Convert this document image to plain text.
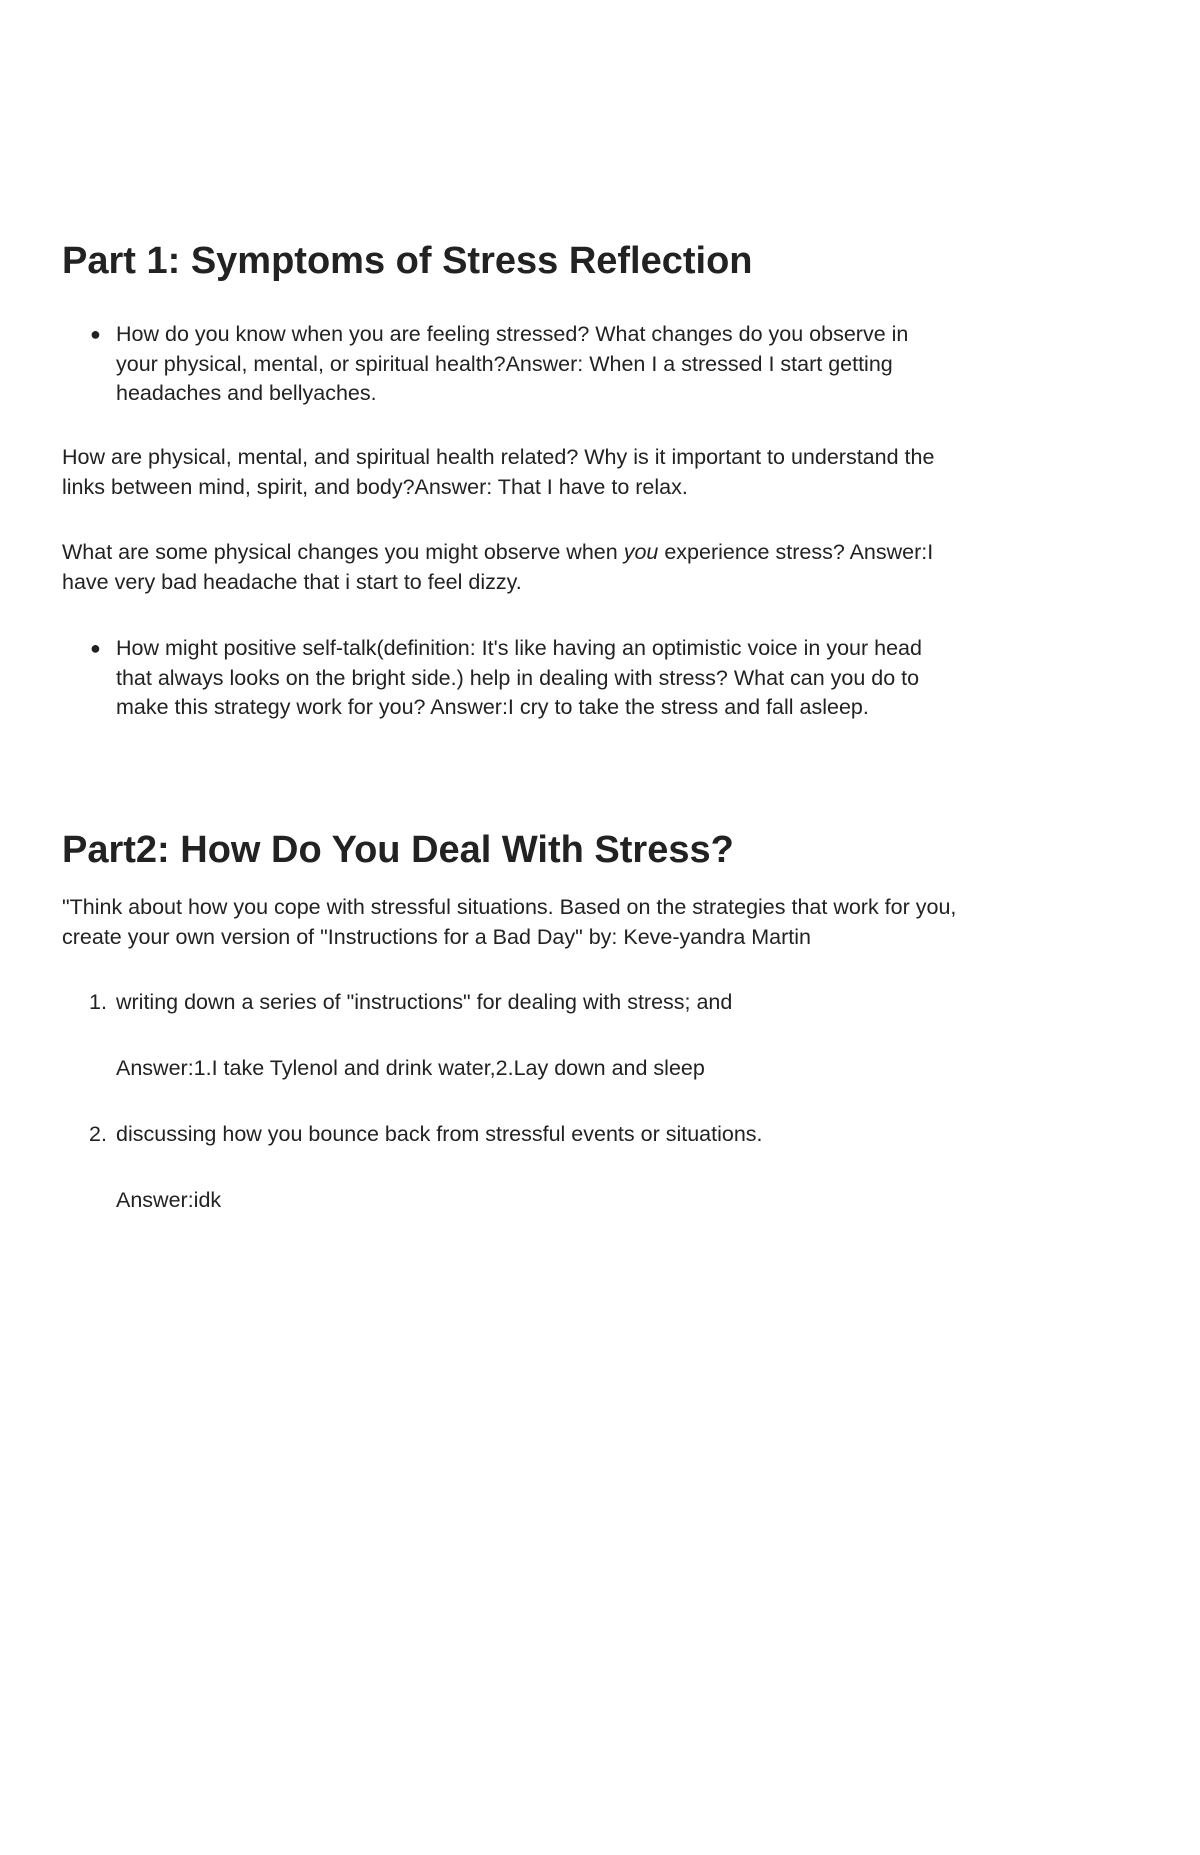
Part 1: Symptoms of Stress Reflection
● How do you know when you are feeling stressed? What changes do you observe in your physical, mental, or spiritual health?Answer: When I a stressed I start getting headaches and bellyaches.

How are physical, mental, and spiritual health related? Why is it important to understand the links between mind, spirit, and body?Answer: That I have to relax.

What are some physical changes you might observe when you experience stress? Answer:I have very bad headache that i start to feel dizzy.

● How might positive self-talk(definition: It's like having an optimistic voice in your head that always looks on the bright side.) help in dealing with stress? What can you do to make this strategy work for you? Answer:I cry to take the stress and fall asleep.
Part2: How Do You Deal With Stress?

"Think about how you cope with stressful situations. Based on the strategies that work for you, create your own version of "Instructions for a Bad Day" by: Keve-yandra Martin

1. writing down a series of "instructions" for dealing with stress; and
Answer:1.I take Tylenol and drink water,2.Lay down and sleep
2. discussing how you bounce back from stressful events or situations.
Answer:idk
